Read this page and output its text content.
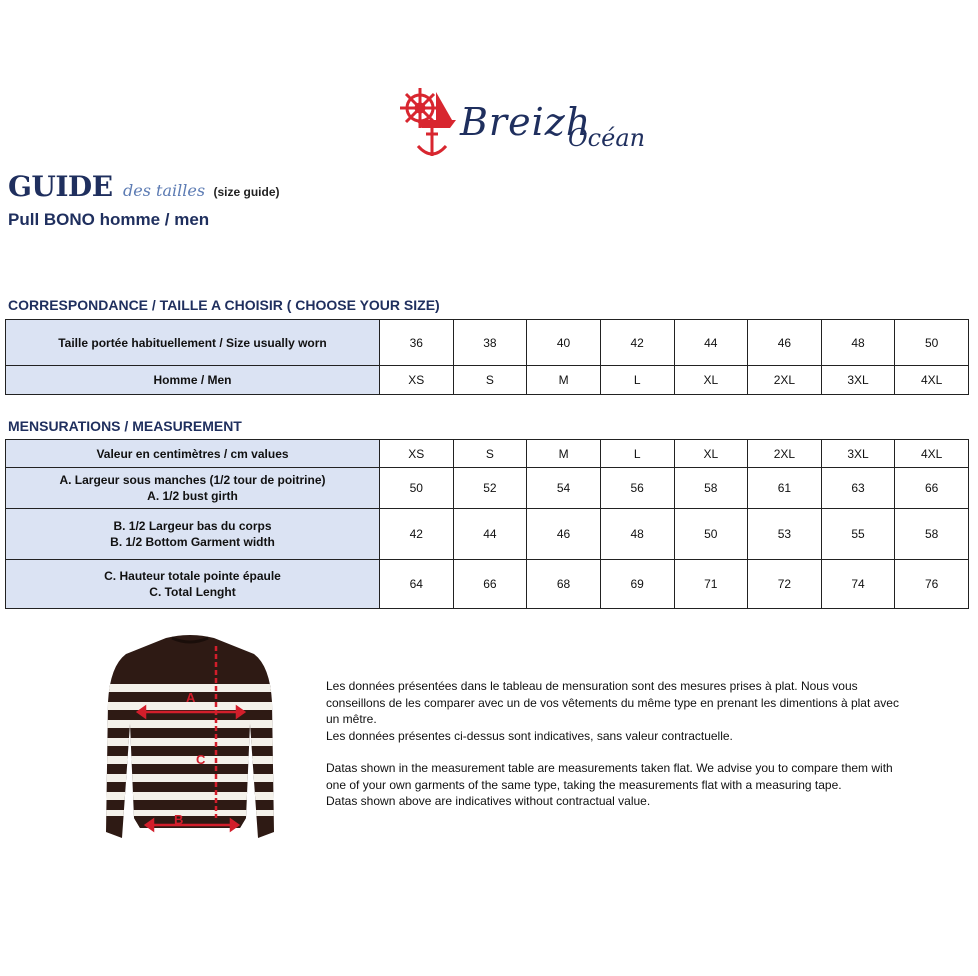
Breizh
Océan
GUIDE des tailles (size guide)
Pull BONO homme / men
CORRESPONDANCE / TAILLE A CHOISIR ( CHOOSE YOUR SIZE)
Taille portée habituellement / Size usually worn	36	38	40	42	44	46	48	50
Homme / Men	XS	S	M	L	XL	2XL	3XL	4XL
MENSURATIONS / MEASUREMENT
Valeur en centimètres / cm values	XS	S	M	L	XL	2XL	3XL	4XL

A. Largeur sous manches (1/2 tour de poitrine)
A. 1/2 bust girth	50	52	54	56	58	61	63	66

B. 1/2 Largeur bas du corps
B. 1/2 Bottom Garment width	42	44	46	48	50	53	55	58

C. Hauteur totale pointe épaule
C. Total Lenght	64	66	68	69	71	72	74	76
A
C
B

Les données présentées dans le tableau de mensuration sont des mesures prises à plat. Nous vous conseillons de les comparer avec un de vos vêtements du même type en prenant les dimentions à plat avec un mêtre.

Les données présentes ci-dessus sont indicatives, sans valeur contractuelle.

Datas shown in the measurement table are measurements taken flat. We advise you to compare them with one of your own garments of the same type, taking the measurements flat with a measuring tape.

Datas shown above are indicatives without contractual value.
